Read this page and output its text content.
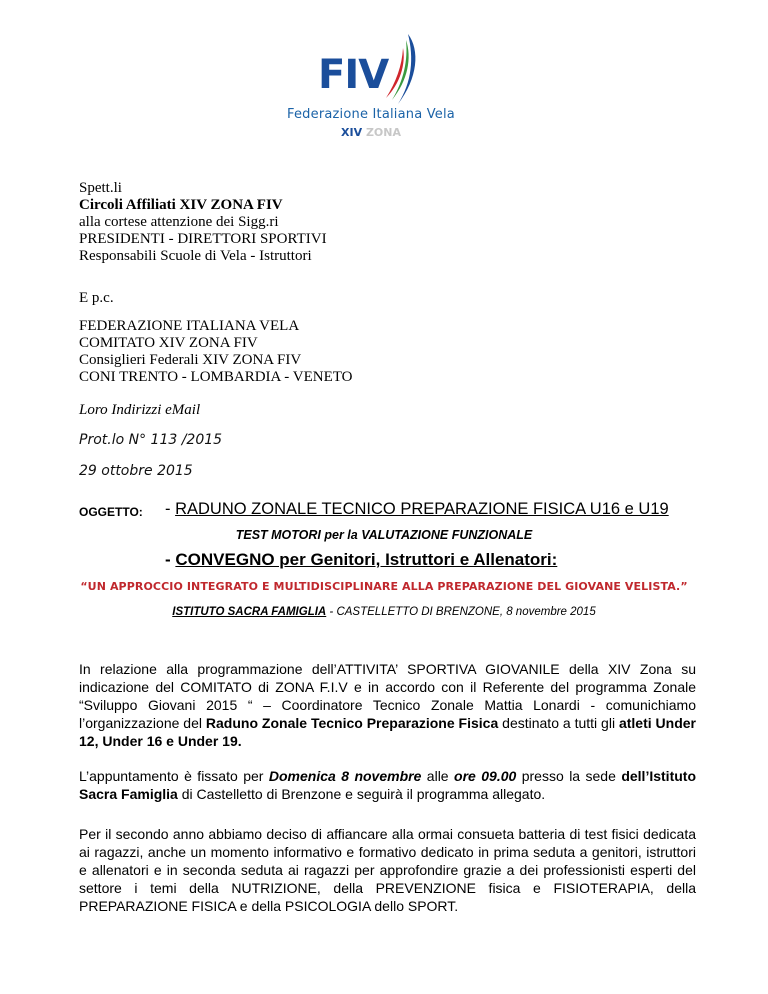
FIV
Federazione Italiana Vela
XIV ZONA
Spett.li
Circoli Affiliati XIV ZONA FIV
alla cortese attenzione dei Sigg.ri
PRESIDENTI - DIRETTORI SPORTIVI
Responsabili Scuole di Vela - Istruttori
E p.c.
FEDERAZIONE ITALIANA VELA
COMITATO XIV ZONA FIV
Consiglieri Federali XIV ZONA FIV
CONI TRENTO - LOMBARDIA - VENETO
Loro Indirizzi eMail
Prot.lo N° 113 /2015
29 ottobre 2015
OGGETTO: - RADUNO ZONALE TECNICO PREPARAZIONE FISICA U16 e U19
TEST MOTORI per la VALUTAZIONE FUNZIONALE
- CONVEGNO per Genitori, Istruttori e Allenatori:
“UN APPROCCIO INTEGRATO E MULTIDISCIPLINARE ALLA PREPARAZIONE DEL GIOVANE VELISTA.”
ISTITUTO SACRA FAMIGLIA - CASTELLETTO DI BRENZONE, 8 novembre 2015
In relazione alla programmazione dell’ATTIVITA’ SPORTIVA GIOVANILE della XIV Zona su indicazione del COMITATO di ZONA F.I.V e in accordo con il Referente del programma Zonale “Sviluppo Giovani 2015 “ – Coordinatore Tecnico Zonale Mattia Lonardi - comunichiamo l’organizzazione del Raduno Zonale Tecnico Preparazione Fisica destinato a tutti gli atleti Under 12, Under 16 e Under 19.
L’appuntamento è fissato per Domenica 8 novembre alle ore 09.00 presso la sede dell’Istituto Sacra Famiglia di Castelletto di Brenzone e seguirà il programma allegato.
Per il secondo anno abbiamo deciso di affiancare alla ormai consueta batteria di test fisici dedicata ai ragazzi, anche un momento informativo e formativo dedicato in prima seduta a genitori, istruttori e allenatori e in seconda seduta ai ragazzi per approfondire grazie a dei professionisti esperti del settore i temi della NUTRIZIONE, della PREVENZIONE fisica e FISIOTERAPIA, della PREPARAZIONE FISICA e della PSICOLOGIA dello SPORT.
